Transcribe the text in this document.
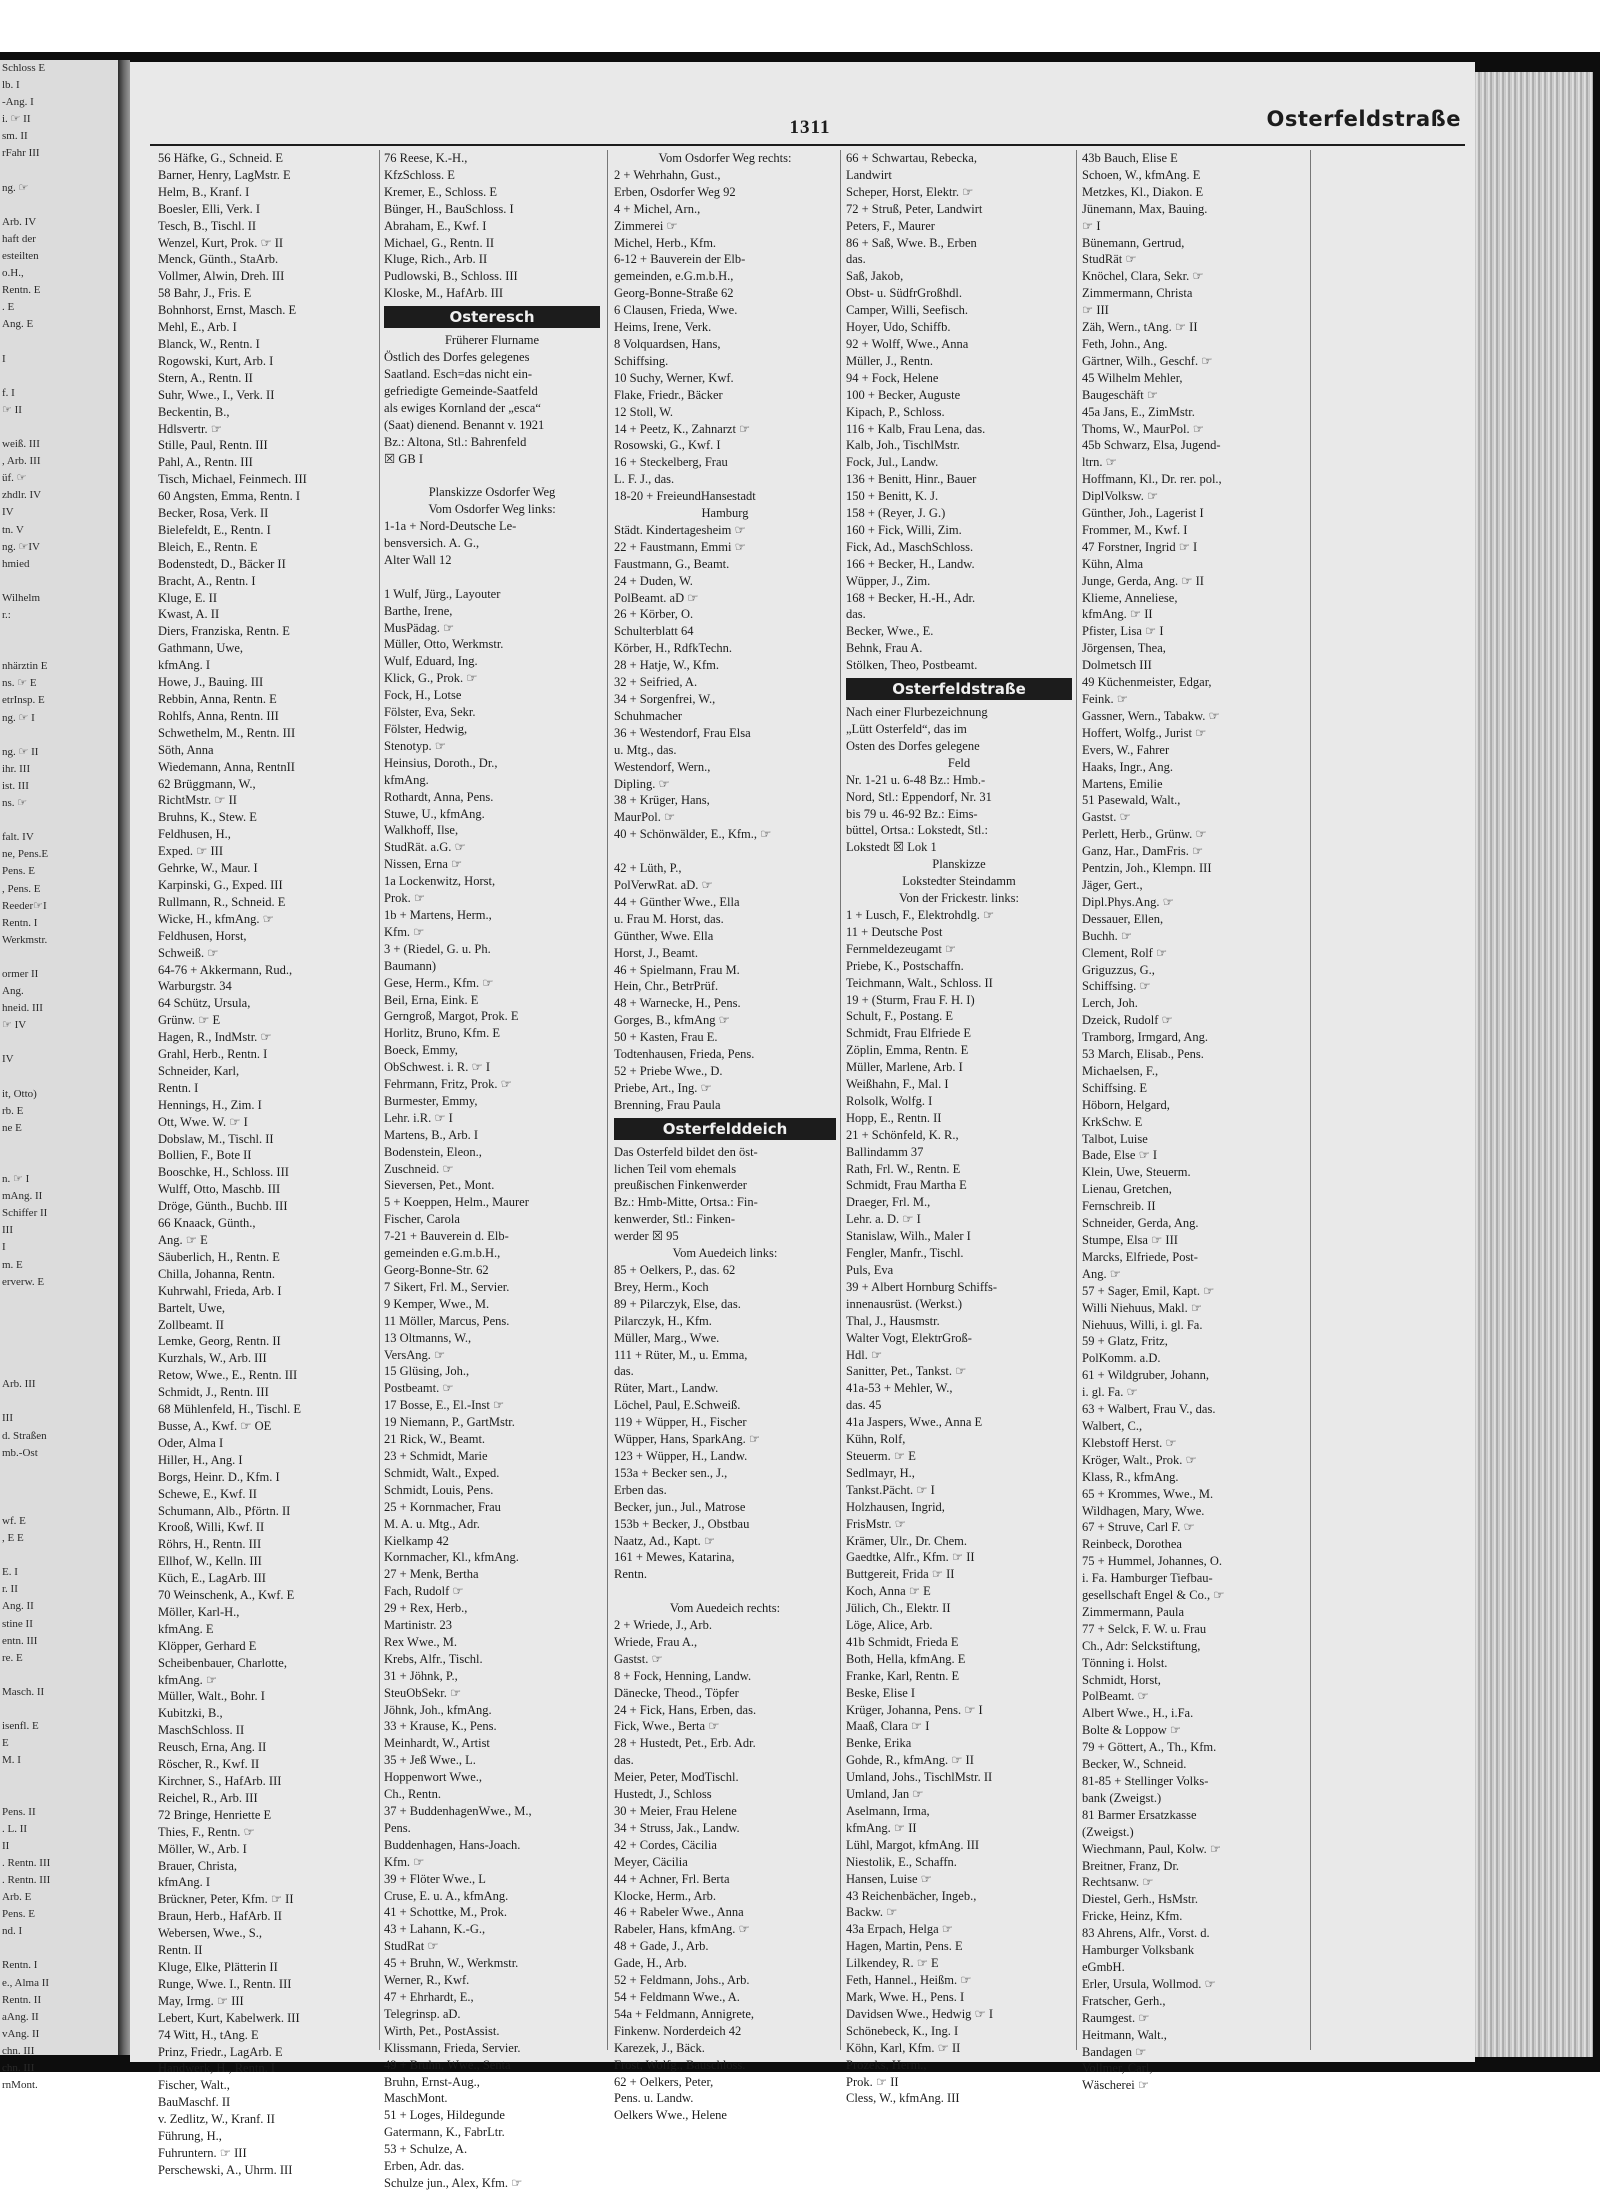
Schloss E
lb. I
-Ang. I
i. ☞ II
sm. II
rFahr III

ng. ☞

Arb. IV
haft der
esteilten
o.H.,
Rentn. E
. E
Ang. E

I

f. I
☞ II

weiß. III
, Arb. III
üf. ☞
zhdlr. IV
IV
tn. V
ng. ☞IV
hmied

Wilhelm
r.:

nhärztin E
ns. ☞ E
etrInsp. E
ng. ☞ I

ng. ☞ II
ihr. III
ist. III
ns. ☞

falt. IV
ne, Pens.E
Pens. E
, Pens. E
Reeder☞I
Rentn. I
Werkmstr.

ormer II
Ang.
hneid. III
☞ IV

IV

it, Otto)
rb. E
ne E

n. ☞ I
mAng. II
Schiffer II
III
I
m. E
erverw. E

Arb. III

III
d. Straßen
mb.-Ost

wf. E
, E E

E. I
r. II
Ang. II
stine II
entn. III
re. E

Masch. II

isenfl. E
E
M. I

Pens. II
. L. II
II
. Rentn. III
. Rentn. III
Arb. E
Pens. E
nd. I

Rentn. I
e., Alma II
Rentn. II
aAng. II
vAng. II
chn. III
chn. III
rnMont.
1311	Osterfeldstraße
56 Häfke, G., Schneid. E
Barner, Henry, LagMstr. E
Helm, B., Kranf. I
Boesler, Elli, Verk. I
Tesch, B., Tischl. II
Wenzel, Kurt, Prok. ☞ II
Menck, Günth., StaArb.
Vollmer, Alwin, Dreh. III
58 Bahr, J., Fris. E
Bohnhorst, Ernst, Masch. E
Mehl, E., Arb. I
Blanck, W., Rentn. I
Rogowski, Kurt, Arb. I
Stern, A., Rentn. II
Suhr, Wwe., I., Verk. II
Beckentin, B.,
Hdlsvertr. ☞
Stille, Paul, Rentn. III
Pahl, A., Rentn. III
Tisch, Michael, Feinmech. III
60 Angsten, Emma, Rentn. I
Becker, Rosa, Verk. II
Bielefeldt, E., Rentn. I
Bleich, E., Rentn. E
Bodenstedt, D., Bäcker II
Bracht, A., Rentn. I
Kluge, E. II
Kwast, A. II
Diers, Franziska, Rentn. E
Gathmann, Uwe,
kfmAng. I
Howe, J., Bauing. III
Rebbin, Anna, Rentn. E
Rohlfs, Anna, Rentn. III
Schwethelm, M., Rentn. III
Söth, Anna
Wiedemann, Anna, RentnII
62 Brüggmann, W.,
RichtMstr. ☞ II
Bruhns, K., Stew. E
Feldhusen, H.,
Exped. ☞ III
Gehrke, W., Maur. I
Karpinski, G., Exped. III
Rullmann, R., Schneid. E
Wicke, H., kfmAng. ☞
Feldhusen, Horst,
Schweiß. ☞
64-76 + Akkermann, Rud.,
Warburgstr. 34
64 Schütz, Ursula,
Grünw. ☞ E
Hagen, R., IndMstr. ☞
Grahl, Herb., Rentn. I
Schneider, Karl,
Rentn. I
Hennings, H., Zim. I
Ott, Wwe. W. ☞ I
Dobslaw, M., Tischl. II
Bollien, F., Bote II
Booschke, H., Schloss. III
Wulff, Otto, Maschb. III
Dröge, Günth., Buchb. III
66 Knaack, Günth.,
Ang. ☞ E
Säuberlich, H., Rentn. E
Chilla, Johanna, Rentn.
Kuhrwahl, Frieda, Arb. I
Bartelt, Uwe,
Zollbeamt. II
Lemke, Georg, Rentn. II
Kurzhals, W., Arb. III
Retow, Wwe., E., Rentn. III
Schmidt, J., Rentn. III
68 Mühlenfeld, H., Tischl. E
Busse, A., Kwf. ☞ OE
Oder, Alma I
Hiller, H., Ang. I
Borgs, Heinr. D., Kfm. I
Schewe, E., Kwf. II
Schumann, Alb., Pförtn. II
Krooß, Willi, Kwf. II
Röhrs, H., Rentn. III
Ellhof, W., Kelln. III
Küch, E., LagArb. III
70 Weinschenk, A., Kwf. E
Möller, Karl-H.,
kfmAng. E
Klöpper, Gerhard E
Scheibenbauer, Charlotte,
kfmAng. ☞
Müller, Walt., Bohr. I
Kubitzki, B.,
MaschSchloss. II
Reusch, Erna, Ang. II
Röscher, R., Kwf. II
Kirchner, S., HafArb. III
Reichel, R., Arb. III
72 Bringe, Henriette E
Thies, F., Rentn. ☞
Möller, W., Arb. I
Brauer, Christa,
kfmAng. I
Brückner, Peter, Kfm. ☞ II
Braun, Herb., HafArb. II
Webersen, Wwe., S.,
Rentn. II
Kluge, Elke, Plätterin II
Runge, Wwe. I., Rentn. III
May, Irmg. ☞ III
Lebert, Kurt, Kabelwerk. III
74 Witt, H., tAng. E
Prinz, Friedr., LagArb. E
Handwerk, H., Rentn. I
Fischer, Walt.,
BauMaschf. II
v. Zedlitz, W., Kranf. II
Führung, H.,
Fuhruntern. ☞ III
Perschewski, A., Uhrm. III
76 Reese, K.-H.,
KfzSchloss. E
Kremer, E., Schloss. E
Bünger, H., BauSchloss. I
Abraham, E., Kwf. I
Michael, G., Rentn. II
Kluge, Rich., Arb. II
Pudlowski, B., Schloss. III
Kloske, M., HafArb. III
Osteresch
Früherer Flurname
Östlich des Dorfes gelegenes
Saatland. Esch=das nicht ein-
gefriedigte Gemeinde-Saatfeld
als ewiges Kornland der „esca“
(Saat) dienend. Benannt v. 1921
Bz.: Altona, Stl.: Bahrenfeld
☒ GB I

Planskizze Osdorfer Weg
Vom Osdorfer Weg links:
1-1a + Nord-Deutsche Le-
bensversich. A. G.,
Alter Wall 12

1 Wulf, Jürg., Layouter
Barthe, Irene,
MusPädag. ☞
Müller, Otto, Werkmstr.
Wulf, Eduard, Ing.
Klick, G., Prok. ☞
Fock, H., Lotse
Fölster, Eva, Sekr.
Fölster, Hedwig,
Stenotyp. ☞
Heinsius, Doroth., Dr.,
kfmAng.
Rothardt, Anna, Pens.
Stuwe, U., kfmAng.
Walkhoff, Ilse,
StudRät. a.G. ☞
Nissen, Erna ☞
1a Lockenwitz, Horst,
Prok. ☞
1b + Martens, Herm.,
Kfm. ☞
3 + (Riedel, G. u. Ph.
Baumann)
Gese, Herm., Kfm. ☞
Beil, Erna, Eink. E
Gerngroß, Margot, Prok. E
Horlitz, Bruno, Kfm. E
Boeck, Emmy,
ObSchwest. i. R. ☞ I
Fehrmann, Fritz, Prok. ☞
Burmester, Emmy,
Lehr. i.R. ☞ I
Martens, B., Arb. I
Bodenstein, Eleon.,
Zuschneid. ☞
Sieversen, Pet., Mont.
5 + Koeppen, Helm., Maurer
Fischer, Carola
7-21 + Bauverein d. Elb-
gemeinden e.G.m.b.H.,
Georg-Bonne-Str. 62
7 Sikert, Frl. M., Servier.
9 Kemper, Wwe., M.
11 Möller, Marcus, Pens.
13 Oltmanns, W.,
VersAng. ☞
15 Glüsing, Joh.,
Postbeamt. ☞
17 Bosse, E., El.-Inst ☞
19 Niemann, P., GartMstr.
21 Rick, W., Beamt.
23 + Schmidt, Marie
Schmidt, Walt., Exped.
Schmidt, Louis, Pens.
25 + Kornmacher, Frau
M. A. u. Mtg., Adr.
Kielkamp 42
Kornmacher, Kl., kfmAng.
27 + Menk, Bertha
Fach, Rudolf ☞
29 + Rex, Herb.,
Martinistr. 23
Rex Wwe., M.
Krebs, Alfr., Tischl.
31 + Jöhnk, P.,
SteuObSekr. ☞
Jöhnk, Joh., kfmAng.
33 + Krause, K., Pens.
Meinhardt, W., Artist
35 + Jeß Wwe., L.
Hoppenwort Wwe.,
Ch., Rentn.
37 + BuddenhagenWwe., M.,
Pens.
Buddenhagen, Hans-Joach.
Kfm. ☞
39 + Flöter Wwe., L
Cruse, E. u. A., kfmAng.
41 + Schottke, M., Prok.
43 + Lahann, K.-G.,
StudRat ☞
45 + Bruhn, W., Werkmstr.
Werner, R., Kwf.
47 + Ehrhardt, E.,
Telegrinsp. aD.
Wirth, Pet., PostAssist.
Klissmann, Frieda, Servier.
49 + Bruhn, Wwe., Senta
Bruhn, Ernst-Aug.,
MaschMont.
51 + Loges, Hildegunde
Gatermann, K., FabrLtr.
53 + Schulze, A.
Erben, Adr. das.
Schulze jun., Alex, Kfm. ☞
Vom Osdorfer Weg rechts:
2 + Wehrhahn, Gust.,
Erben, Osdorfer Weg 92
4 + Michel, Arn.,
Zimmerei ☞
Michel, Herb., Kfm.
6-12 + Bauverein der Elb-
gemeinden, e.G.m.b.H.,
Georg-Bonne-Straße 62
6 Clausen, Frieda, Wwe.
Heims, Irene, Verk.
8 Volquardsen, Hans,
Schiffsing.
10 Suchy, Werner, Kwf.
Flake, Friedr., Bäcker
12 Stoll, W.
14 + Peetz, K., Zahnarzt ☞
Rosowski, G., Kwf. I
16 + Steckelberg, Frau
L. F. J., das.
18-20 + FreieundHansestadt
Hamburg
Städt. Kindertagesheim ☞
22 + Faustmann, Emmi ☞
Faustmann, G., Beamt.
24 + Duden, W.
PolBeamt. aD ☞
26 + Körber, O.
Schulterblatt 64
Körber, H., RdfkTechn.
28 + Hatje, W., Kfm.
32 + Seifried, A.
34 + Sorgenfrei, W.,
Schuhmacher
36 + Westendorf, Frau Elsa
u. Mtg., das.
Westendorf, Wern.,
Dipling. ☞
38 + Krüger, Hans,
MaurPol. ☞
40 + Schönwälder, E., Kfm., ☞

42 + Lüth, P.,
PolVerwRat. aD. ☞
44 + Günther Wwe., Ella
u. Frau M. Horst, das.
Günther, Wwe. Ella
Horst, J., Beamt.
46 + Spielmann, Frau M.
Hein, Chr., BetrPrüf.
48 + Warnecke, H., Pens.
Gorges, B., kfmAng ☞
50 + Kasten, Frau E.
Todtenhausen, Frieda, Pens.
52 + Priebe Wwe., D.
Priebe, Art., Ing. ☞
Brenning, Frau Paula
Osterfelddeich
Das Osterfeld bildet den öst-
lichen Teil vom ehemals
preußischen Finkenwerder
Bz.: Hmb-Mitte, Ortsa.: Fin-
kenwerder, Stl.: Finken-
werder ☒ 95
Vom Auedeich links:
85 + Oelkers, P., das. 62
Brey, Herm., Koch
89 + Pilarczyk, Else, das.
Pilarczyk, H., Kfm.
Müller, Marg., Wwe.
111 + Rüter, M., u. Emma,
das.
Rüter, Mart., Landw.
Löchel, Paul, E.Schweiß.
119 + Wüpper, H., Fischer
Wüpper, Hans, SparkAng. ☞
123 + Wüpper, H., Landw.
153a + Becker sen., J.,
Erben das.
Becker, jun., Jul., Matrose
153b + Becker, J., Obstbau
Naatz, Ad., Kapt. ☞
161 + Mewes, Katarina,
Rentn.

Vom Auedeich rechts:
2 + Wriede, J., Arb.
Wriede, Frau A.,
Gastst. ☞
8 + Fock, Henning, Landw.
Dänecke, Theod., Töpfer
24 + Fick, Hans, Erben, das.
Fick, Wwe., Berta ☞
28 + Hustedt, Pet., Erb. Adr.
das.
Meier, Peter, ModTischl.
Hustedt, J., Schloss
30 + Meier, Frau Helene
34 + Struss, Jak., Landw.
42 + Cordes, Cäcilia
Meyer, Cäcilia
44 + Achner, Frl. Berta
Klocke, Herm., Arb.
46 + Rabeler Wwe., Anna
Rabeler, Hans, kfmAng. ☞
48 + Gade, J., Arb.
Gade, H., Arb.
52 + Feldmann, Johs., Arb.
54 + Feldmann Wwe., A.
54a + Feldmann, Annigrete,
Finkenw. Norderdeich 42
Karezek, J., Bäck.
Frost, Wolfg., Bauschloss.
62 + Oelkers, Peter,
Pens. u. Landw.
Oelkers Wwe., Helene
66 + Schwartau, Rebecka,
Landwirt
Scheper, Horst, Elektr. ☞
72 + Struß, Peter, Landwirt
Peters, F., Maurer
86 + Saß, Wwe. B., Erben
das.
Saß, Jakob,
Obst- u. SüdfrGroßhdl.
Camper, Willi, Seefisch.
Hoyer, Udo, Schiffb.
92 + Wolff, Wwe., Anna
Müller, J., Rentn.
94 + Fock, Helene
100 + Becker, Auguste
Kipach, P., Schloss.
116 + Kalb, Frau Lena, das.
Kalb, Joh., TischlMstr.
Fock, Jul., Landw.
136 + Benitt, Hinr., Bauer
150 + Benitt, K. J.
158 + (Reyer, J. G.)
160 + Fick, Willi, Zim.
Fick, Ad., MaschSchloss.
166 + Becker, H., Landw.
Wüpper, J., Zim.
168 + Becker, H.-H., Adr.
das.
Becker, Wwe., E.
Behnk, Frau A.
Stölken, Theo, Postbeamt.
Osterfeldstraße
Nach einer Flurbezeichnung
„Lütt Osterfeld“, das im
Osten des Dorfes gelegene
Feld
Nr. 1-21 u. 6-48 Bz.: Hmb.-
Nord, Stl.: Eppendorf, Nr. 31
bis 79 u. 46-92 Bz.: Eims-
büttel, Ortsa.: Lokstedt, Stl.:
Lokstedt ☒ Lok 1
Planskizze
Lokstedter Steindamm
Von der Frickestr. links:
1 + Lusch, F., Elektrohdlg. ☞
11 + Deutsche Post
Fernmeldezeugamt ☞
Priebe, K., Postschaffn.
Teichmann, Walt., Schloss. II
19 + (Sturm, Frau F. H. I)
Schult, F., Postang. E
Schmidt, Frau Elfriede E
Zöplin, Emma, Rentn. E
Müller, Marlene, Arb. I
Weißhahn, F., Mal. I
Rolsolk, Wolfg. I
Hopp, E., Rentn. II
21 + Schönfeld, K. R.,
Ballindamm 37
Rath, Frl. W., Rentn. E
Schmidt, Frau Martha E
Draeger, Frl. M.,
Lehr. a. D. ☞ I
Stanislaw, Wilh., Maler I
Fengler, Manfr., Tischl.
Puls, Eva
39 + Albert Hornburg Schiffs-
innenausrüst. (Werkst.)
Thal, J., Hausmstr.
Walter Vogt, ElektrGroß-
Hdl. ☞
Sanitter, Pet., Tankst. ☞
41a-53 + Mehler, W.,
das. 45
41a Jaspers, Wwe., Anna E
Kühn, Rolf,
Steuerm. ☞ E
Sedlmayr, H.,
Tankst.Pächt. ☞ I
Holzhausen, Ingrid,
FrisMstr. ☞
Krämer, Ulr., Dr. Chem.
Gaedtke, Alfr., Kfm. ☞ II
Buttgereit, Frida ☞ II
Koch, Anna ☞ E
Jülich, Ch., Elektr. II
Löge, Alice, Arb.
41b Schmidt, Frieda E
Both, Hella, kfmAng. E
Franke, Karl, Rentn. E
Beske, Elise I
Krüger, Johanna, Pens. ☞ I
Maaß, Clara ☞ I
Benke, Erika
Gohde, R., kfmAng. ☞ II
Umland, Johs., TischlMstr. II
Umland, Jan ☞
Aselmann, Irma,
kfmAng. ☞ II
Lühl, Margot, kfmAng. III
Niestolik, E., Schaffn.
Hansen, Luise ☞
43 Reichenbächer, Ingeb.,
Backw. ☞
43a Erpach, Helga ☞
Hagen, Martin, Pens. E
Lilkendey, R. ☞ E
Feth, Hannel., Heißm. ☞
Mark, Wwe. H., Pens. I
Davidsen Wwe., Hedwig ☞ I
Schönebeck, K., Ing. I
Köhn, Karl, Kfm. ☞ II
Prozeks, Herm.,
Prok. ☞ II
Cless, W., kfmAng. III
43b Bauch, Elise E
Schoen, W., kfmAng. E
Metzkes, Kl., Diakon. E
Jünemann, Max, Bauing.
☞ I
Bünemann, Gertrud,
StudRät ☞
Knöchel, Clara, Sekr. ☞
Zimmermann, Christa
☞ III
Zäh, Wern., tAng. ☞ II
Feth, John., Ang.
Gärtner, Wilh., Geschf. ☞
45 Wilhelm Mehler,
Baugeschäft ☞
45a Jans, E., ZimMstr.
Thoms, W., MaurPol. ☞
45b Schwarz, Elsa, Jugend-
ltrn. ☞
Hoffmann, Kl., Dr. rer. pol.,
DiplVolksw. ☞
Günther, Joh., Lagerist I
Frommer, M., Kwf. I
47 Forstner, Ingrid ☞ I
Kühn, Alma
Junge, Gerda, Ang. ☞ II
Klieme, Anneliese,
kfmAng. ☞ II
Pfister, Lisa ☞ I
Jörgensen, Thea,
Dolmetsch III
49 Küchenmeister, Edgar,
Feink. ☞
Gassner, Wern., Tabakw. ☞
Hoffert, Wolfg., Jurist ☞
Evers, W., Fahrer
Haaks, Ingr., Ang.
Martens, Emilie
51 Pasewald, Walt.,
Gastst. ☞
Perlett, Herb., Grünw. ☞
Ganz, Har., DamFris. ☞
Pentzin, Joh., Klempn. III
Jäger, Gert.,
Dipl.Phys.Ang. ☞
Dessauer, Ellen,
Buchh. ☞
Clement, Rolf ☞
Griguzzus, G.,
Schiffsing. ☞
Lerch, Joh.
Dzeick, Rudolf ☞
Tramborg, Irmgard, Ang.
53 March, Elisab., Pens.
Michaelsen, F.,
Schiffsing. E
Höborn, Helgard,
KrkSchw. E
Talbot, Luise
Bade, Else ☞ I
Klein, Uwe, Steuerm.
Lienau, Gretchen,
Fernschreib. II
Schneider, Gerda, Ang.
Stumpe, Elsa ☞ III
Marcks, Elfriede, Post-
Ang. ☞
57 + Sager, Emil, Kapt. ☞
Willi Niehuus, Makl. ☞
Niehuus, Willi, i. gl. Fa.
59 + Glatz, Fritz,
PolKomm. a.D.
61 + Wildgruber, Johann,
i. gl. Fa. ☞
63 + Walbert, Frau V., das.
Walbert, C.,
Klebstoff Herst. ☞
Kröger, Walt., Prok. ☞
Klass, R., kfmAng.
65 + Krommes, Wwe., M.
Wildhagen, Mary, Wwe.
67 + Struve, Carl F. ☞
Reinbeck, Dorothea
75 + Hummel, Johannes, O.
i. Fa. Hamburger Tiefbau-
gesellschaft Engel & Co., ☞
Zimmermann, Paula
77 + Selck, F. W. u. Frau
Ch., Adr: Selckstiftung,
Tönning i. Holst.
Schmidt, Horst,
PolBeamt. ☞
Albert Wwe., H., i.Fa.
Bolte & Loppow ☞
79 + Göttert, A., Th., Kfm.
Becker, W., Schneid.
81-85 + Stellinger Volks-
bank (Zweigst.)
81 Barmer Ersatzkasse
(Zweigst.)
Wiechmann, Paul, Kolw. ☞
Breitner, Franz, Dr.
Rechtsanw. ☞
Diestel, Gerh., HsMstr.
Fricke, Heinz, Kfm.
83 Ahrens, Alfr., Vorst. d.
Hamburger Volksbank
eGmbH.
Erler, Ursula, Wollmod. ☞
Fratscher, Gerh.,
Raumgest. ☞
Heitmann, Walt.,
Bandagen ☞
Vollmer, Carl,
Wäscherei ☞
